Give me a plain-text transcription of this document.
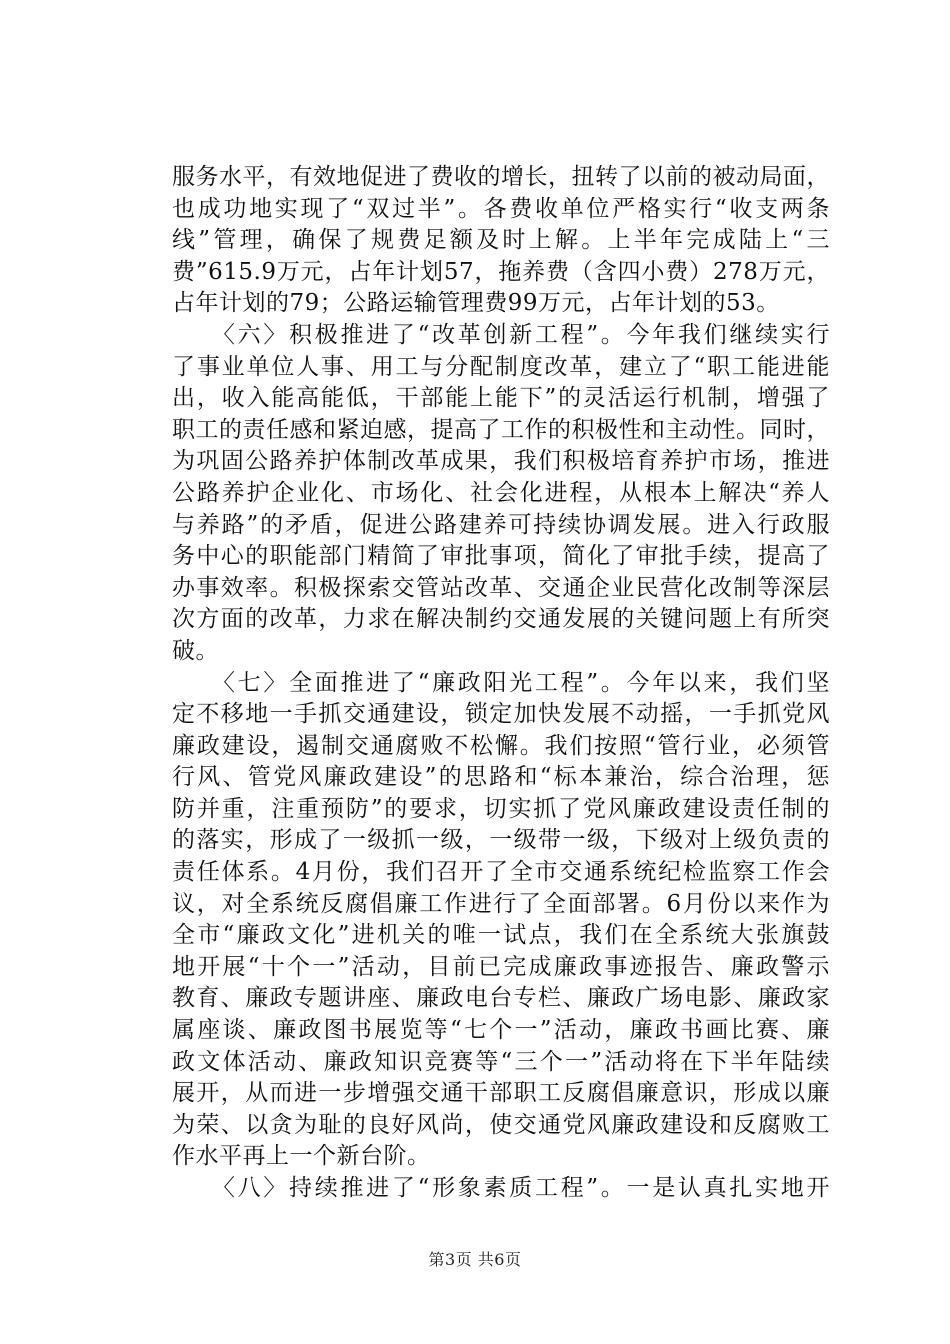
服务水平，有效地促进了费收的增长，扭转了以前的被动局面，
也成功地实现了“双过半”。各费收单位严格实行“收支两条
线”管理，确保了规费足额及时上解。上半年完成陆上“三
费”615.9万元，占年计划57，拖养费（含四小费）278万元，
占年计划的79；公路运输管理费99万元，占年计划的53。
　　〈六〉积极推进了“改革创新工程”。今年我们继续实行
了事业单位人事、用工与分配制度改革，建立了“职工能进能
出，收入能高能低，干部能上能下”的灵活运行机制，增强了
职工的责任感和紧迫感，提高了工作的积极性和主动性。同时，
为巩固公路养护体制改革成果，我们积极培育养护市场，推进
公路养护企业化、市场化、社会化进程，从根本上解决“养人
与养路”的矛盾，促进公路建养可持续协调发展。进入行政服
务中心的职能部门精简了审批事项，简化了审批手续，提高了
办事效率。积极探索交管站改革、交通企业民营化改制等深层
次方面的改革，力求在解决制约交通发展的关键问题上有所突
破。
　　〈七〉全面推进了“廉政阳光工程”。今年以来，我们坚
定不移地一手抓交通建设，锁定加快发展不动摇，一手抓党风
廉政建设，遏制交通腐败不松懈。我们按照“管行业，必须管
行风、管党风廉政建设”的思路和“标本兼治，综合治理，惩
防并重，注重预防”的要求，切实抓了党风廉政建设责任制的
的落实，形成了一级抓一级，一级带一级，下级对上级负责的
责任体系。4月份，我们召开了全市交通系统纪检监察工作会
议，对全系统反腐倡廉工作进行了全面部署。6月份以来作为
全市“廉政文化”进机关的唯一试点，我们在全系统大张旗鼓
地开展“十个一”活动，目前已完成廉政事迹报告、廉政警示
教育、廉政专题讲座、廉政电台专栏、廉政广场电影、廉政家
属座谈、廉政图书展览等“七个一”活动，廉政书画比赛、廉
政文体活动、廉政知识竞赛等“三个一”活动将在下半年陆续
展开，从而进一步增强交通干部职工反腐倡廉意识，形成以廉
为荣、以贪为耻的良好风尚，使交通党风廉政建设和反腐败工
作水平再上一个新台阶。
　　〈八〉持续推进了“形象素质工程”。一是认真扎实地开
第3页 共6页
